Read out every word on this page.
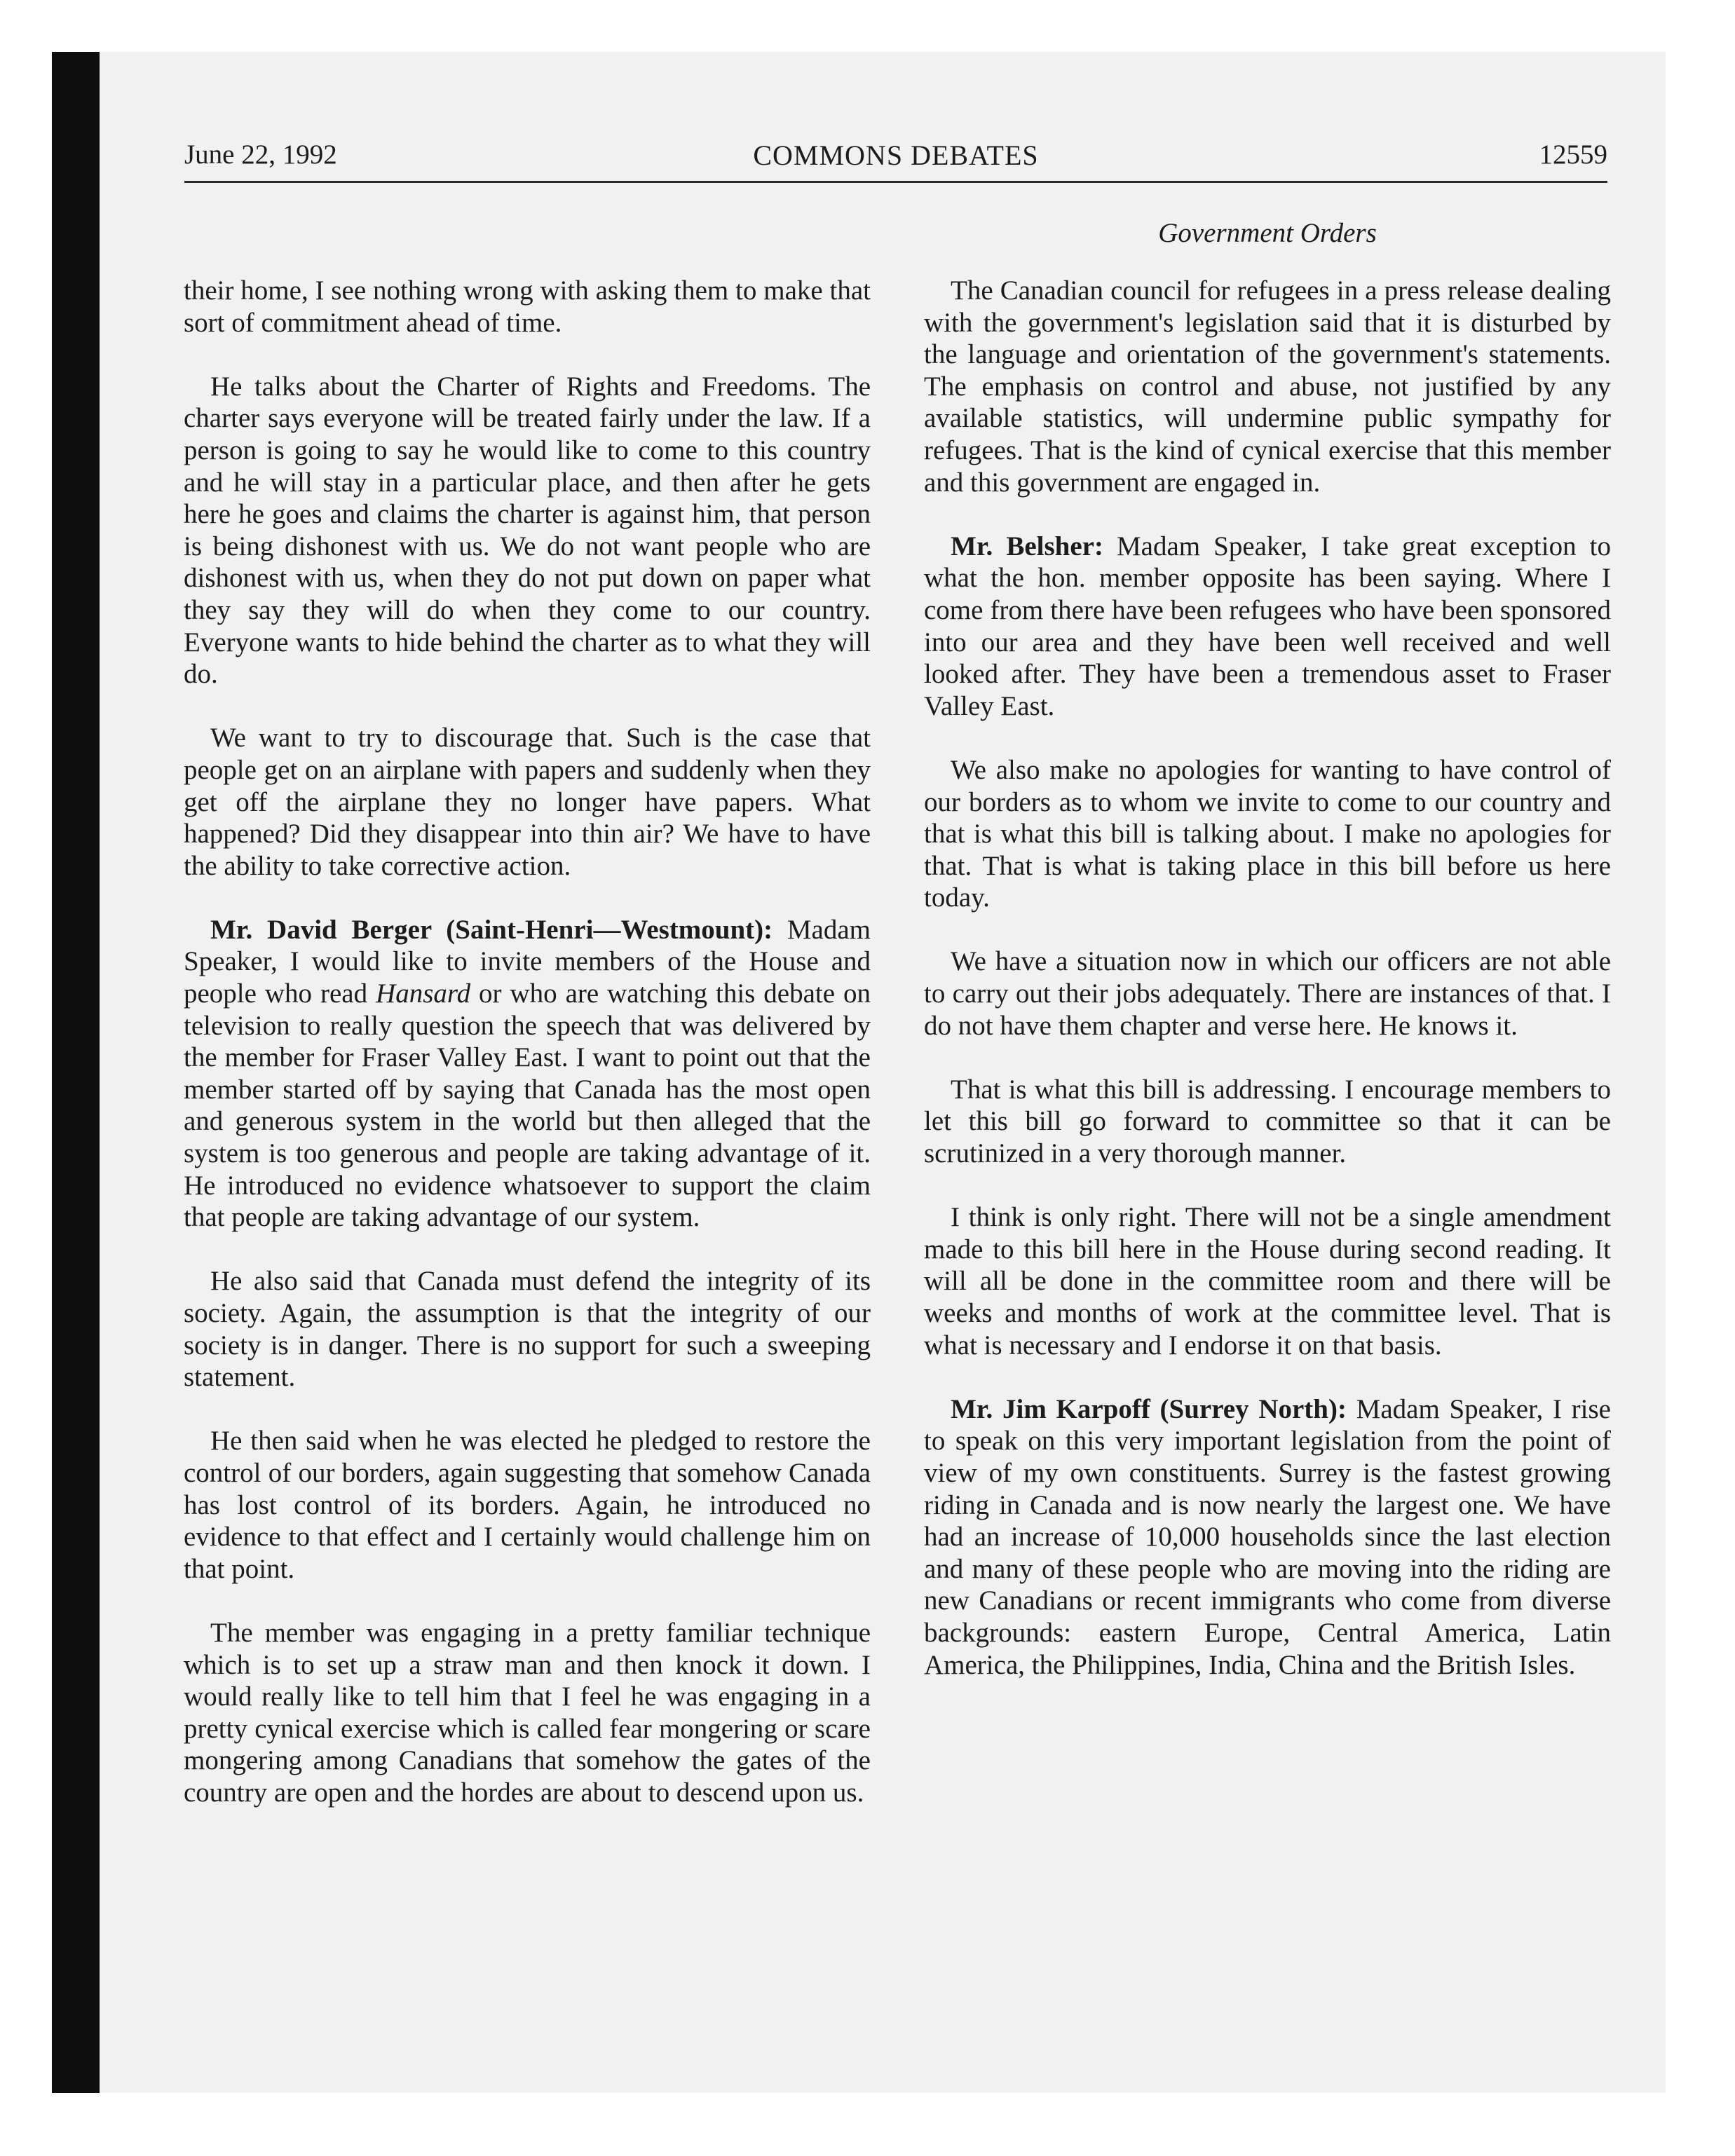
June 22, 1992	COMMONS DEBATES	12559
Government Orders

their home, I see nothing wrong with asking them to make that sort of commitment ahead of time.

He talks about the Charter of Rights and Freedoms. The charter says everyone will be treated fairly under the law. If a person is going to say he would like to come to this country and he will stay in a particular place, and then after he gets here he goes and claims the charter is against him, that person is being dishonest with us. We do not want people who are dishonest with us, when they do not put down on paper what they say they will do when they come to our country. Everyone wants to hide behind the charter as to what they will do.

We want to try to discourage that. Such is the case that people get on an airplane with papers and suddenly when they get off the airplane they no longer have papers. What happened? Did they disappear into thin air? We have to have the ability to take corrective action.

Mr. David Berger (Saint-Henri—Westmount): Madam Speaker, I would like to invite members of the House and people who read Hansard or who are watching this debate on television to really question the speech that was delivered by the member for Fraser Valley East. I want to point out that the member started off by saying that Canada has the most open and generous system in the world but then alleged that the system is too generous and people are taking advantage of it. He introduced no evidence whatsoever to support the claim that people are taking advantage of our system.

He also said that Canada must defend the integrity of its society. Again, the assumption is that the integrity of our society is in danger. There is no support for such a sweeping statement.

He then said when he was elected he pledged to restore the control of our borders, again suggesting that somehow Canada has lost control of its borders. Again, he introduced no evidence to that effect and I certainly would challenge him on that point.

The member was engaging in a pretty familiar technique which is to set up a straw man and then knock it down. I would really like to tell him that I feel he was engaging in a pretty cynical exercise which is called fear mongering or scare mongering among Canadians that somehow the gates of the country are open and the hordes are about to descend upon us.

The Canadian council for refugees in a press release dealing with the government's legislation said that it is disturbed by the language and orientation of the government's statements. The emphasis on control and abuse, not justified by any available statistics, will undermine public sympathy for refugees. That is the kind of cynical exercise that this member and this government are engaged in.

Mr. Belsher: Madam Speaker, I take great exception to what the hon. member opposite has been saying. Where I come from there have been refugees who have been sponsored into our area and they have been well received and well looked after. They have been a tremendous asset to Fraser Valley East.

We also make no apologies for wanting to have control of our borders as to whom we invite to come to our country and that is what this bill is talking about. I make no apologies for that. That is what is taking place in this bill before us here today.

We have a situation now in which our officers are not able to carry out their jobs adequately. There are instances of that. I do not have them chapter and verse here. He knows it.

That is what this bill is addressing. I encourage members to let this bill go forward to committee so that it can be scrutinized in a very thorough manner.

I think is only right. There will not be a single amendment made to this bill here in the House during second reading. It will all be done in the committee room and there will be weeks and months of work at the committee level. That is what is necessary and I endorse it on that basis.

Mr. Jim Karpoff (Surrey North): Madam Speaker, I rise to speak on this very important legislation from the point of view of my own constituents. Surrey is the fastest growing riding in Canada and is now nearly the largest one. We have had an increase of 10,000 households since the last election and many of these people who are moving into the riding are new Canadians or recent immigrants who come from diverse backgrounds: eastern Europe, Central America, Latin America, the Philippines, India, China and the British Isles.
